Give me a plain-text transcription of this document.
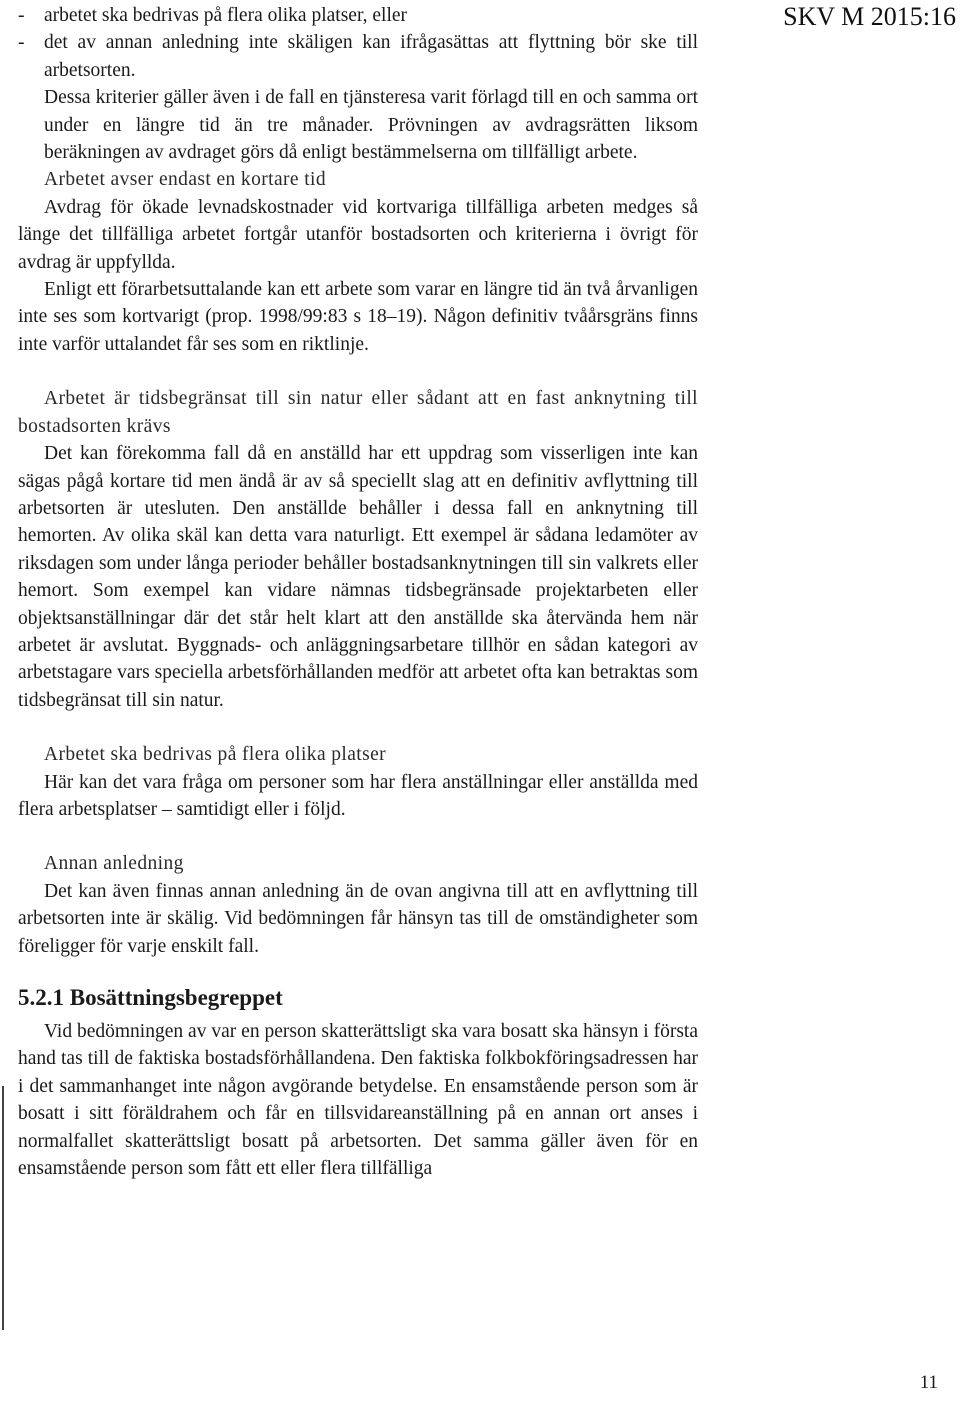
SKV M 2015:16
-	arbetet ska bedrivas på flera olika platser, eller
-	det av annan anledning inte skäligen kan ifrågasättas att flyttning bör ske till arbetsorten.

Dessa kriterier gäller även i de fall en tjänsteresa varit förlagd till en och samma ort under en längre tid än tre månader. Prövningen av avdragsrätten liksom beräkningen av avdraget görs då enligt bestämmelserna om tillfälligt arbete.

Arbetet avser endast en kortare tid

Avdrag för ökade levnadskostnader vid kortvariga tillfälliga arbeten medges så länge det tillfälliga arbetet fortgår utanför bostadsorten och kriterierna i övrigt för avdrag är uppfyllda.

Enligt ett förarbetsuttalande kan ett arbete som varar en längre tid än två årvanligen inte ses som kortvarigt (prop. 1998/99:83 s 18–19). Någon definitiv tvåårsgräns finns inte varför uttalandet får ses som en riktlinje.

Arbetet är tidsbegränsat till sin natur eller sådant att en fast anknytning till bostadsorten krävs

Det kan förekomma fall då en anställd har ett uppdrag som visserligen inte kan sägas pågå kortare tid men ändå är av så speciellt slag att en definitiv avflyttning till arbetsorten är utesluten. Den anställde behåller i dessa fall en anknytning till hemorten. Av olika skäl kan detta vara naturligt. Ett exempel är sådana ledamöter av riksdagen som under långa perioder behåller bostadsanknytningen till sin valkrets eller hemort. Som exempel kan vidare nämnas tidsbegränsade projektarbeten eller objektsanställningar där det står helt klart att den anställde ska återvända hem när arbetet är avslutat. Byggnads- och anläggningsarbetare tillhör en sådan kategori av arbetstagare vars speciella arbetsförhållanden medför att arbetet ofta kan betraktas som tidsbegränsat till sin natur.

Arbetet ska bedrivas på flera olika platser

Här kan det vara fråga om personer som har flera anställningar eller anställda med flera arbetsplatser – samtidigt eller i följd.

Annan anledning

Det kan även finnas annan anledning än de ovan angivna till att en avflyttning till arbetsorten inte är skälig. Vid bedömningen får hänsyn tas till de omständigheter som föreligger för varje enskilt fall.

5.2.1 Bosättningsbegreppet

Vid bedömningen av var en person skatterättsligt ska vara bosatt ska hänsyn i första hand tas till de faktiska bostadsförhållandena. Den faktiska folkbokföringsadressen har i det sammanhanget inte någon avgörande betydelse. En ensamstående person som är bosatt i sitt föräldrahem och får en tillsvidareanställning på en annan ort anses i normalfallet skatterättsligt bosatt på arbetsorten. Det samma gäller även för en ensamstående person som fått ett eller flera tillfälliga

11
